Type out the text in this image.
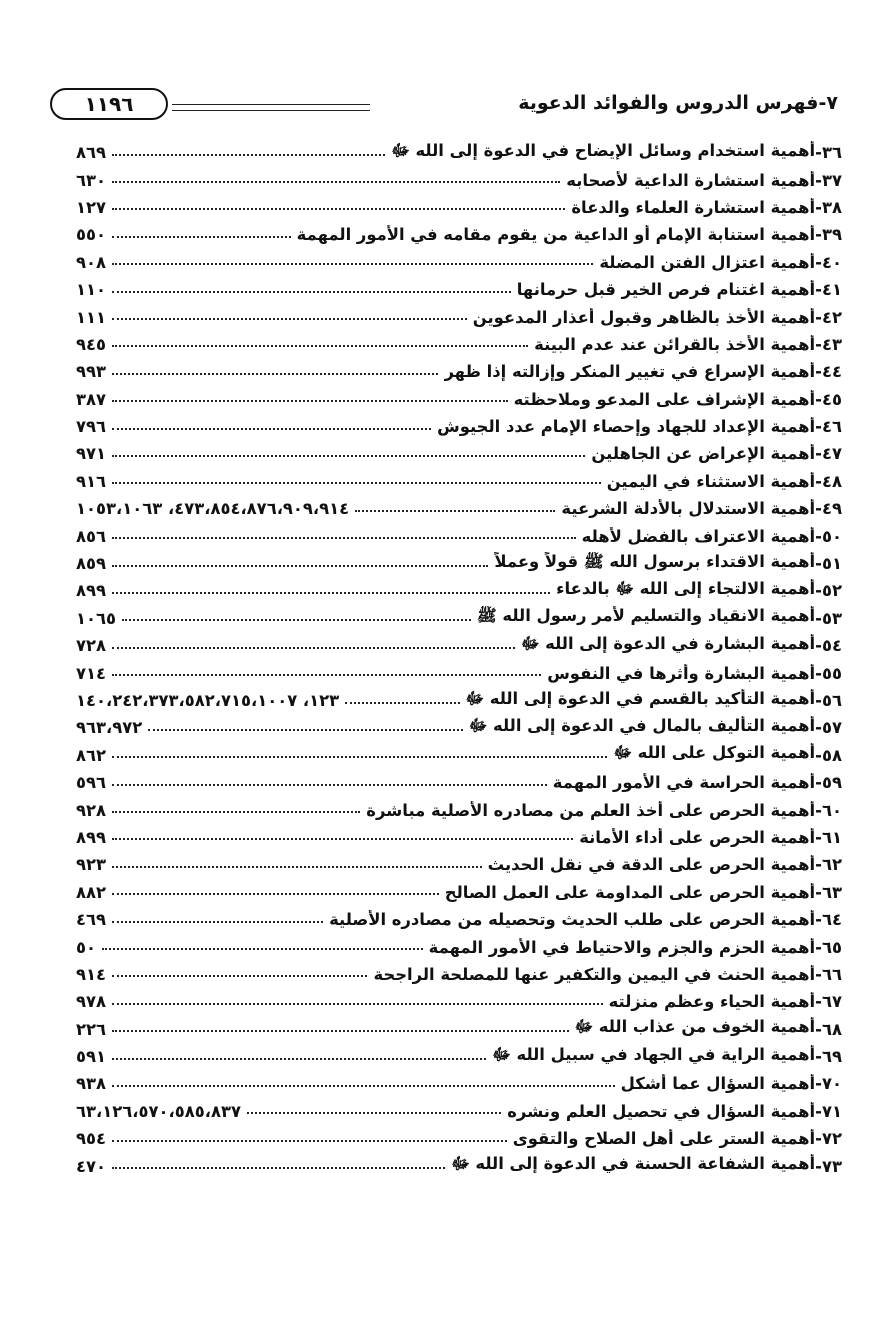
٧-فهرس الدروس والفوائد الدعوية
١١٩٦
٣٦
-
أهمية استخدام وسائل الإيضاح في الدعوة إلى الله ﷻ
٨٦٩
٣٧
-
أهمية استشارة الداعية لأصحابه
٦٣٠
٣٨
-
أهمية استشارة العلماء والدعاة
١٢٧
٣٩
-
أهمية استنابة الإمام أو الداعية من يقوم مقامه في الأمور المهمة
٥٥٠
٤٠
-
أهمية اعتزال الفتن المضلة
٩٠٨
٤١
-
أهمية اغتنام فرص الخير قبل حرمانها
١١٠
٤٢
-
أهمية الأخذ بالظاهر وقبول أعذار المدعوين
١١١
٤٣
-
أهمية الأخذ بالقرائن عند عدم البينة
٩٤٥
٤٤
-
أهمية الإسراع في تغيير المنكر وإزالته إذا ظهر
٩٩٣
٤٥
-
أهمية الإشراف على المدعو وملاحظته
٣٨٧
٤٦
-
أهمية الإعداد للجهاد وإحصاء الإمام عدد الجيوش
٧٩٦
٤٧
-
أهمية الإعراض عن الجاهلين
٩٧١
٤٨
-
أهمية الاستثناء في اليمين
٩١٦
٤٩
-
أهمية الاستدلال بالأدلة الشرعية
٤٧٣،٨٥٤،٨٧٦،٩٠٩،٩١٤، ١٠٥٣،١٠٦٣
٥٠
-
أهمية الاعتراف بالفضل لأهله
٨٥٦
٥١
-
أهمية الاقتداء برسول الله ﷺ قولاً وعملاً
٨٥٩
٥٢
-
أهمية الالتجاء إلى الله ﷻ بالدعاء
٨٩٩
٥٣
-
أهمية الانقياد والتسليم لأمر رسول الله ﷺ
١٠٦٥
٥٤
-
أهمية البشارة في الدعوة إلى الله ﷻ
٧٢٨
٥٥
-
أهمية البشارة وأثرها في النفوس
٧١٤
٥٦
-
أهمية التأكيد بالقسم في الدعوة إلى الله ﷻ
١٢٣، ١٤٠،٢٤٢،٣٧٣،٥٨٢،٧١٥،١٠٠٧
٥٧
-
أهمية التأليف بالمال في الدعوة إلى الله ﷻ
٩٦٣،٩٧٢
٥٨
-
أهمية التوكل على الله ﷻ
٨٦٢
٥٩
-
أهمية الحراسة في الأمور المهمة
٥٩٦
٦٠
-
أهمية الحرص على أخذ العلم من مصادره الأصلية مباشرة
٩٢٨
٦١
-
أهمية الحرص على أداء الأمانة
٨٩٩
٦٢
-
أهمية الحرص على الدقة في نقل الحديث
٩٢٣
٦٣
-
أهمية الحرص على المداومة على العمل الصالح
٨٨٢
٦٤
-
أهمية الحرص على طلب الحديث وتحصيله من مصادره الأصلية
٤٦٩
٦٥
-
أهمية الحزم والجزم والاحتياط في الأمور المهمة
٥٠
٦٦
-
أهمية الحنث في اليمين والتكفير عنها للمصلحة الراجحة
٩١٤
٦٧
-
أهمية الحياء وعظم منزلته
٩٧٨
٦٨
-
أهمية الخوف من عذاب الله ﷻ
٢٢٦
٦٩
-
أهمية الراية في الجهاد في سبيل الله ﷻ
٥٩١
٧٠
-
أهمية السؤال عما أشكل
٩٣٨
٧١
-
أهمية السؤال في تحصيل العلم ونشره
٦٣،١٢٦،٥٧٠،٥٨٥،٨٣٧
٧٢
-
أهمية الستر على أهل الصلاح والتقوى
٩٥٤
٧٣
-
أهمية الشفاعة الحسنة في الدعوة إلى الله ﷻ
٤٧٠
